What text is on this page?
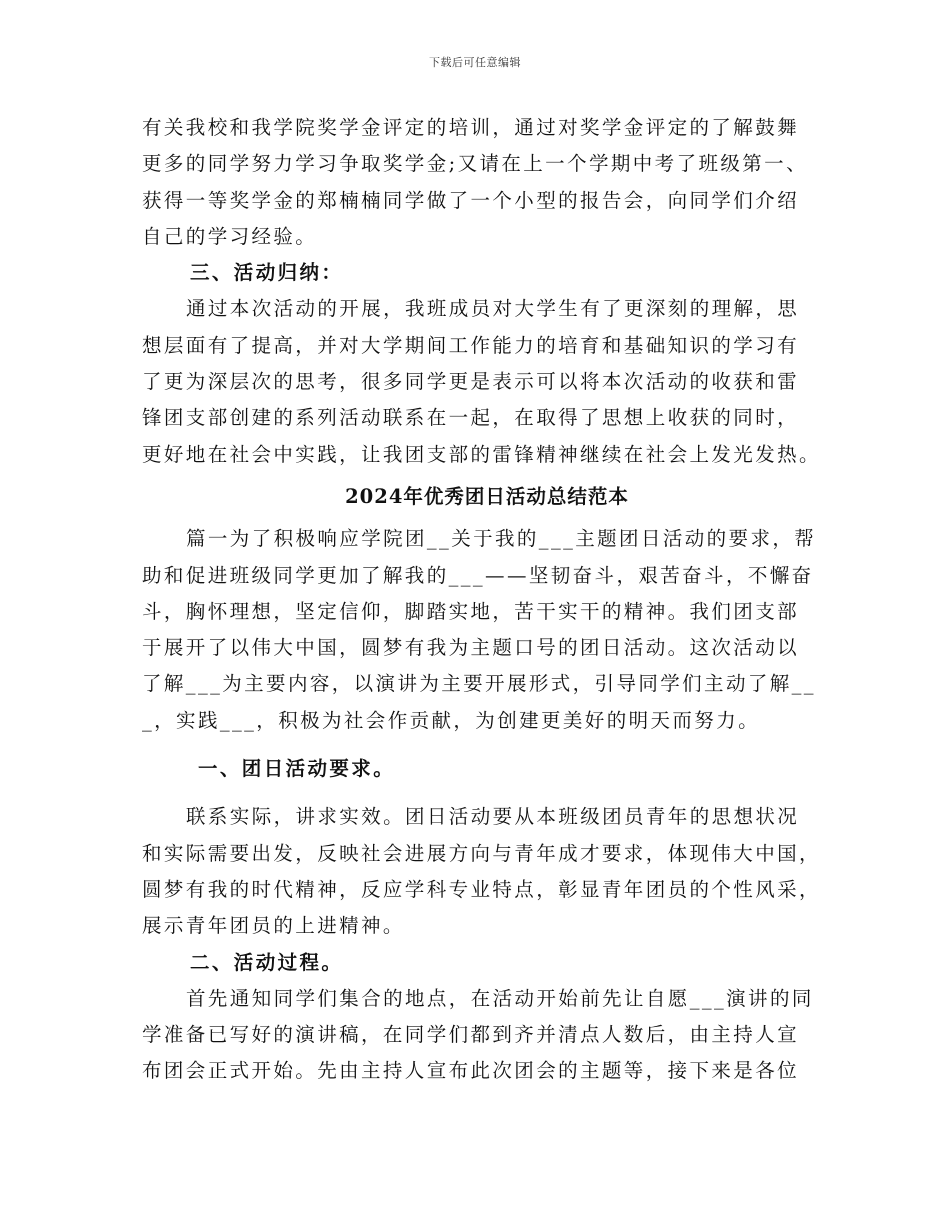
下载后可任意编辑
有关我校和我学院奖学金评定的培训，通过对奖学金评定的了解鼓舞
更多的同学努力学习争取奖学金;又请在上一个学期中考了班级第一、
获得一等奖学金的郑楠楠同学做了一个小型的报告会，向同学们介绍
自己的学习经验。
三、活动归纳：
通过本次活动的开展，我班成员对大学生有了更深刻的理解，思
想层面有了提高，并对大学期间工作能力的培育和基础知识的学习有
了更为深层次的思考，很多同学更是表示可以将本次活动的收获和雷
锋团支部创建的系列活动联系在一起，在取得了思想上收获的同时，
更好地在社会中实践，让我团支部的雷锋精神继续在社会上发光发热。
2024年优秀团日活动总结范本
篇一为了积极响应学院团__关于我的___主题团日活动的要求，帮
助和促进班级同学更加了解我的___——坚韧奋斗，艰苦奋斗，不懈奋
斗，胸怀理想，坚定信仰，脚踏实地，苦干实干的精神。我们团支部
于展开了以伟大中国，圆梦有我为主题口号的团日活动。这次活动以
了解___为主要内容，以演讲为主要开展形式，引导同学们主动了解__
_，实践___，积极为社会作贡献，为创建更美好的明天而努力。
一、团日活动要求。
联系实际，讲求实效。团日活动要从本班级团员青年的思想状况
和实际需要出发，反映社会进展方向与青年成才要求，体现伟大中国，
圆梦有我的时代精神，反应学科专业特点，彰显青年团员的个性风采，
展示青年团员的上进精神。
二、活动过程。
首先通知同学们集合的地点，在活动开始前先让自愿___演讲的同
学准备已写好的演讲稿，在同学们都到齐并清点人数后，由主持人宣
布团会正式开始。先由主持人宣布此次团会的主题等，接下来是各位
